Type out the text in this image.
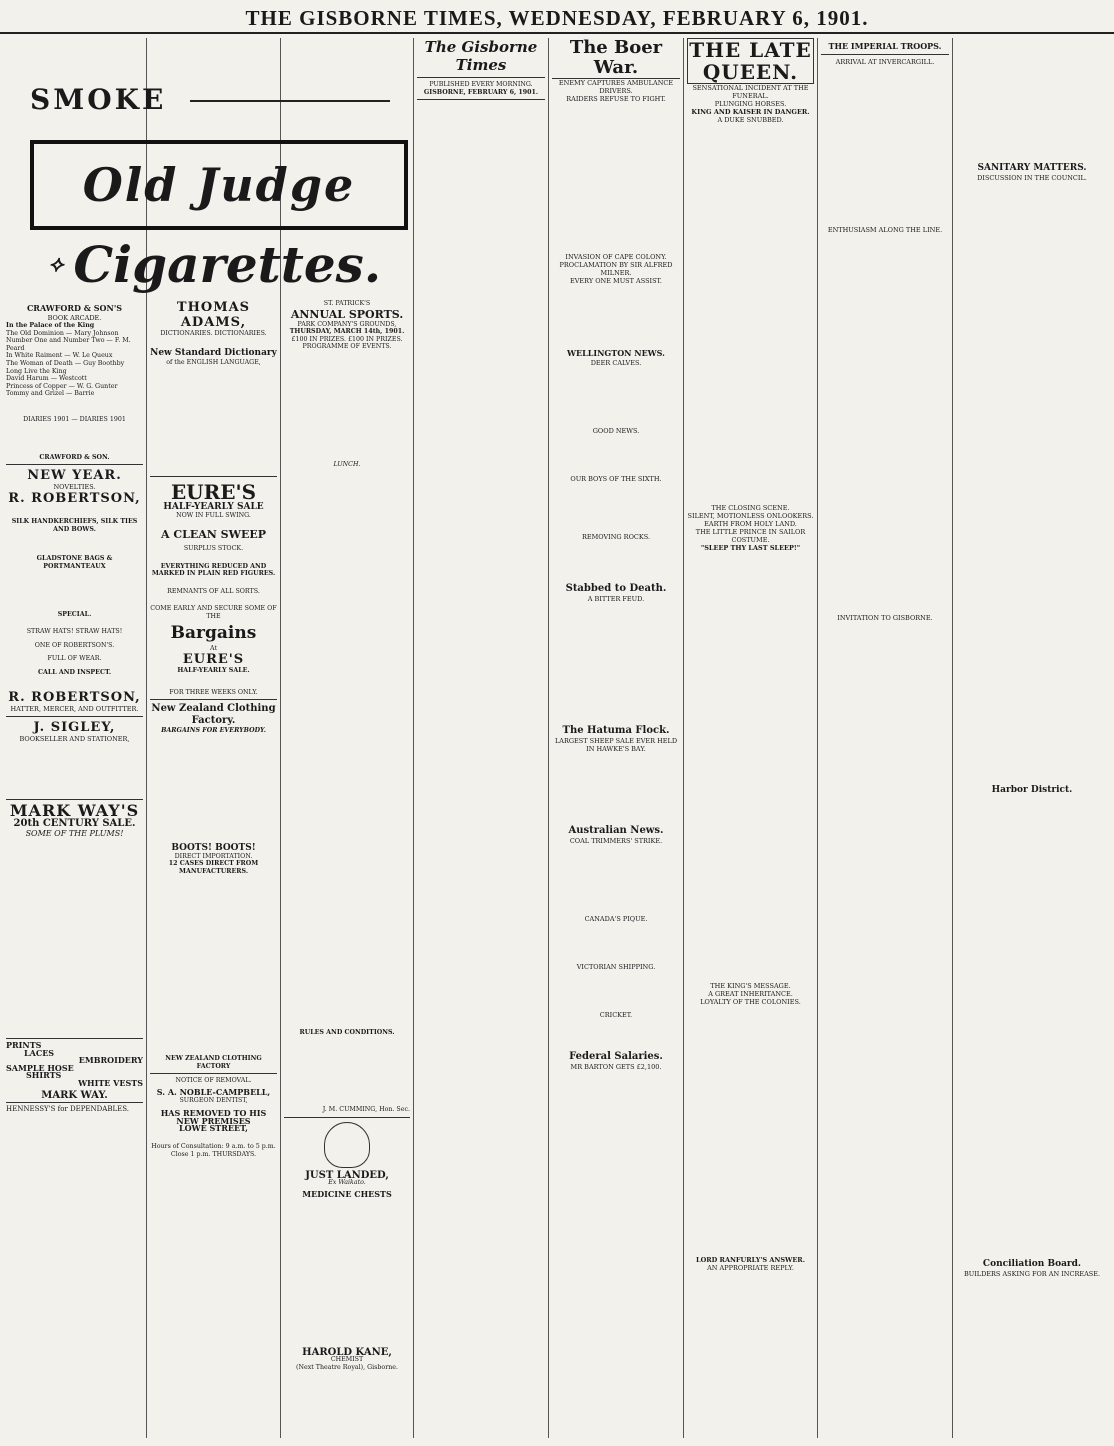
THE GISBORNE TIMES, WEDNESDAY, FEBRUARY 6, 1901.
SMOKE
Old Judge
⟡ Cigarettes.
CRAWFORD & SON'S
BOOK ARCADE.
In the Palace of the King
The Old Dominion — Mary Johnson
Number One and Number Two — F. M. Peard
In White Raiment — W. Le Queux
The Woman of Death — Guy Boothby
Long Live the King
David Harum — Westcott
Princess of Copper — W. G. Gunter
Tommy and Grizel — Barrie
DIARIES 1901 — DIARIES 1901
CRAWFORD & SON.
NEW YEAR.
NOVELTIES.
R. ROBERTSON,
SILK HANDKERCHIEFS, SILK TIES AND BOWS.
GLADSTONE BAGS & PORTMANTEAUX
SPECIAL.
STRAW HATS! STRAW HATS!
ONE OF ROBERTSON'S.
FULL OF WEAR.
CALL AND INSPECT.
R. ROBERTSON,
HATTER, MERCER, AND OUTFITTER.
J. SIGLEY,
BOOKSELLER AND STATIONER,
MARK WAY'S
20th CENTURY SALE.
SOME OF THE PLUMS!
PRINTS
LACES
EMBROIDERY
SAMPLE HOSE
SHIRTS
WHITE VESTS
MARK WAY.
HENNESSY'S for DEPENDABLES.
THOMAS ADAMS,
DICTIONARIES. DICTIONARIES.
New Standard Dictionary
of the ENGLISH LANGUAGE,
EURE'S
HALF-YEARLY SALE
NOW IN FULL SWING.
A CLEAN SWEEP
SURPLUS STOCK.
EVERYTHING REDUCED AND MARKED IN PLAIN RED FIGURES.
REMNANTS OF ALL SORTS.
COME EARLY AND SECURE SOME OF THE
Bargains
At
EURE'S
HALF-YEARLY SALE.
FOR THREE WEEKS ONLY.
New Zealand Clothing Factory.
BARGAINS FOR EVERYBODY.
BOOTS! BOOTS!
DIRECT IMPORTATION.
12 CASES DIRECT FROM MANUFACTURERS.
NEW ZEALAND CLOTHING FACTORY
NOTICE OF REMOVAL.
S. A. NOBLE-CAMPBELL,
SURGEON DENTIST,
HAS REMOVED TO HIS NEW PREMISES
LOWE STREET,
Hours of Consultation: 9 a.m. to 5 p.m.
Close 1 p.m. THURSDAYS.
ST. PATRICK'S
ANNUAL SPORTS.
PARK COMPANY'S GROUNDS,
THURSDAY, MARCH 14th, 1901.
£100 IN PRIZES. £100 IN PRIZES.
PROGRAMME OF EVENTS.
LUNCH.
RULES AND CONDITIONS.
J. M. CUMMING, Hon. Sec.
JUST LANDED,
Ex Waikato.
MEDICINE CHESTS
HAROLD KANE,
CHEMIST
(Next Theatre Royal), Gisborne.
The Gisborne Times
PUBLISHED EVERY MORNING.
GISBORNE, FEBRUARY 6, 1901.
The Boer War.
ENEMY CAPTURES AMBULANCE DRIVERS.
RAIDERS REFUSE TO FIGHT.
INVASION OF CAPE COLONY.
PROCLAMATION BY SIR ALFRED MILNER.
EVERY ONE MUST ASSIST.
WELLINGTON NEWS.
DEER CALVES.
GOOD NEWS.
OUR BOYS OF THE SIXTH.
REMOVING ROCKS.
Stabbed to Death.
A BITTER FEUD.
The Hatuma Flock.
LARGEST SHEEP SALE EVER HELD IN HAWKE'S BAY.
Australian News.
COAL TRIMMERS' STRIKE.
CANADA'S PIQUE.
VICTORIAN SHIPPING.
CRICKET.
Federal Salaries.
MR BARTON GETS £2,100.
THE LATE QUEEN.
SENSATIONAL INCIDENT AT THE FUNERAL.
PLUNGING HORSES.
KING AND KAISER IN DANGER.
A DUKE SNUBBED.
THE CLOSING SCENE.
SILENT, MOTIONLESS ONLOOKERS.
EARTH FROM HOLY LAND.
THE LITTLE PRINCE IN SAILOR COSTUME.
"SLEEP THY LAST SLEEP!"
THE KING'S MESSAGE.
A GREAT INHERITANCE.
LOYALTY OF THE COLONIES.
LORD RANFURLY'S ANSWER.
AN APPROPRIATE REPLY.
THE IMPERIAL TROOPS.
ARRIVAL AT INVERCARGILL.
ENTHUSIASM ALONG THE LINE.
INVITATION TO GISBORNE.
SANITARY MATTERS.
DISCUSSION IN THE COUNCIL.
Harbor District.
Conciliation Board.
BUILDERS ASKING FOR AN INCREASE.
